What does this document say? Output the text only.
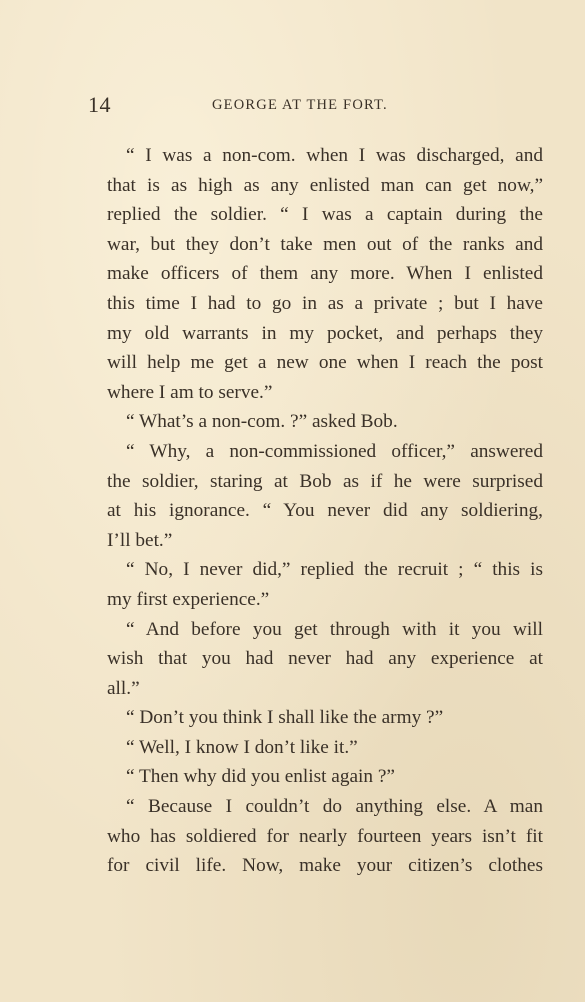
14	GEORGE AT THE FORT.

“ I was a non-com. when I was discharged, and
that is as high as any enlisted man can get now,”
replied the soldier. “ I was a captain during the
war, but they don’t take men out of the ranks and
make officers of them any more. When I enlisted
this time I had to go in as a private ; but I have
my old warrants in my pocket, and perhaps they
will help me get a new one when I reach the post
where I am to serve.”

“ What’s a non-com. ?” asked Bob.

“ Why, a non-commissioned officer,” answered
the soldier, staring at Bob as if he were surprised
at his ignorance. “ You never did any soldiering,
I’ll bet.”

“ No, I never did,” replied the recruit ; “ this is
my first experience.”

“ And before you get through with it you will
wish that you had never had any experience at
all.”

“ Don’t you think I shall like the army ?”

“ Well, I know I don’t like it.”

“ Then why did you enlist again ?”

“ Because I couldn’t do anything else. A man
who has soldiered for nearly fourteen years isn’t fit
for civil life. Now, make your citizen’s clothes
